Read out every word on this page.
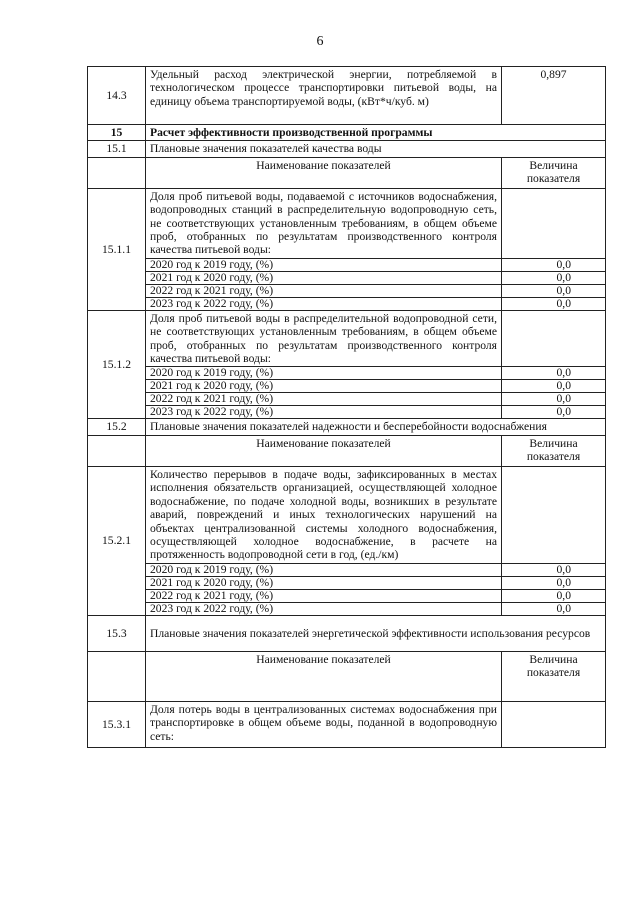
6
14.3	Удельный расход электрической энергии, потребляемой в технологическом процессе транспортировки питьевой воды, на единицу объема транспортируемой воды, (кВт*ч/куб. м)	0,897
15	Расчет эффективности производственной программы	
15.1	Плановые значения показателей качества воды	
	Наименование показателей	Величина показателя
15.1.1	Доля проб питьевой воды, подаваемой с источников водоснабжения, водопроводных станций в распределительную водопроводную сеть, не соответствующих установленным требованиям, в общем объеме проб, отобранных по результатам производственного контроля качества питьевой воды:	
	2020 год к 2019 году, (%)	0,0
	2021 год к 2020 году, (%)	0,0
	2022 год к 2021 году, (%)	0,0
	2023 год к 2022 году, (%)	0,0
15.1.2	Доля проб питьевой воды в распределительной водопроводной сети, не соответствующих установленным требованиям, в общем объеме проб, отобранных по результатам производственного контроля качества питьевой воды:	
	2020 год к 2019 году, (%)	0,0
	2021 год к 2020 году, (%)	0,0
	2022 год к 2021 году, (%)	0,0
	2023 год к 2022 году, (%)	0,0
15.2	Плановые значения показателей надежности и бесперебойности водоснабжения	
	Наименование показателей	Величина показателя
15.2.1	Количество перерывов в подаче воды, зафиксированных в местах исполнения обязательств организацией, осуществляющей холодное водоснабжение, по подаче холодной воды, возникших в результате аварий, повреждений и иных технологических нарушений на объектах централизованной системы холодного водоснабжения, осуществляющей холодное водоснабжение, в расчете на протяженность водопроводной сети в год, (ед./км)	
	2020 год к 2019 году, (%)	0,0
	2021 год к 2020 году, (%)	0,0
	2022 год к 2021 году, (%)	0,0
	2023 год к 2022 году, (%)	0,0
15.3	Плановые значения показателей энергетической эффективности использования ресурсов	
	Наименование показателей	Величина показателя
15.3.1	Доля потерь воды в централизованных системах водоснабжения при транспортировке в общем объеме воды, поданной в водопроводную сеть:	
